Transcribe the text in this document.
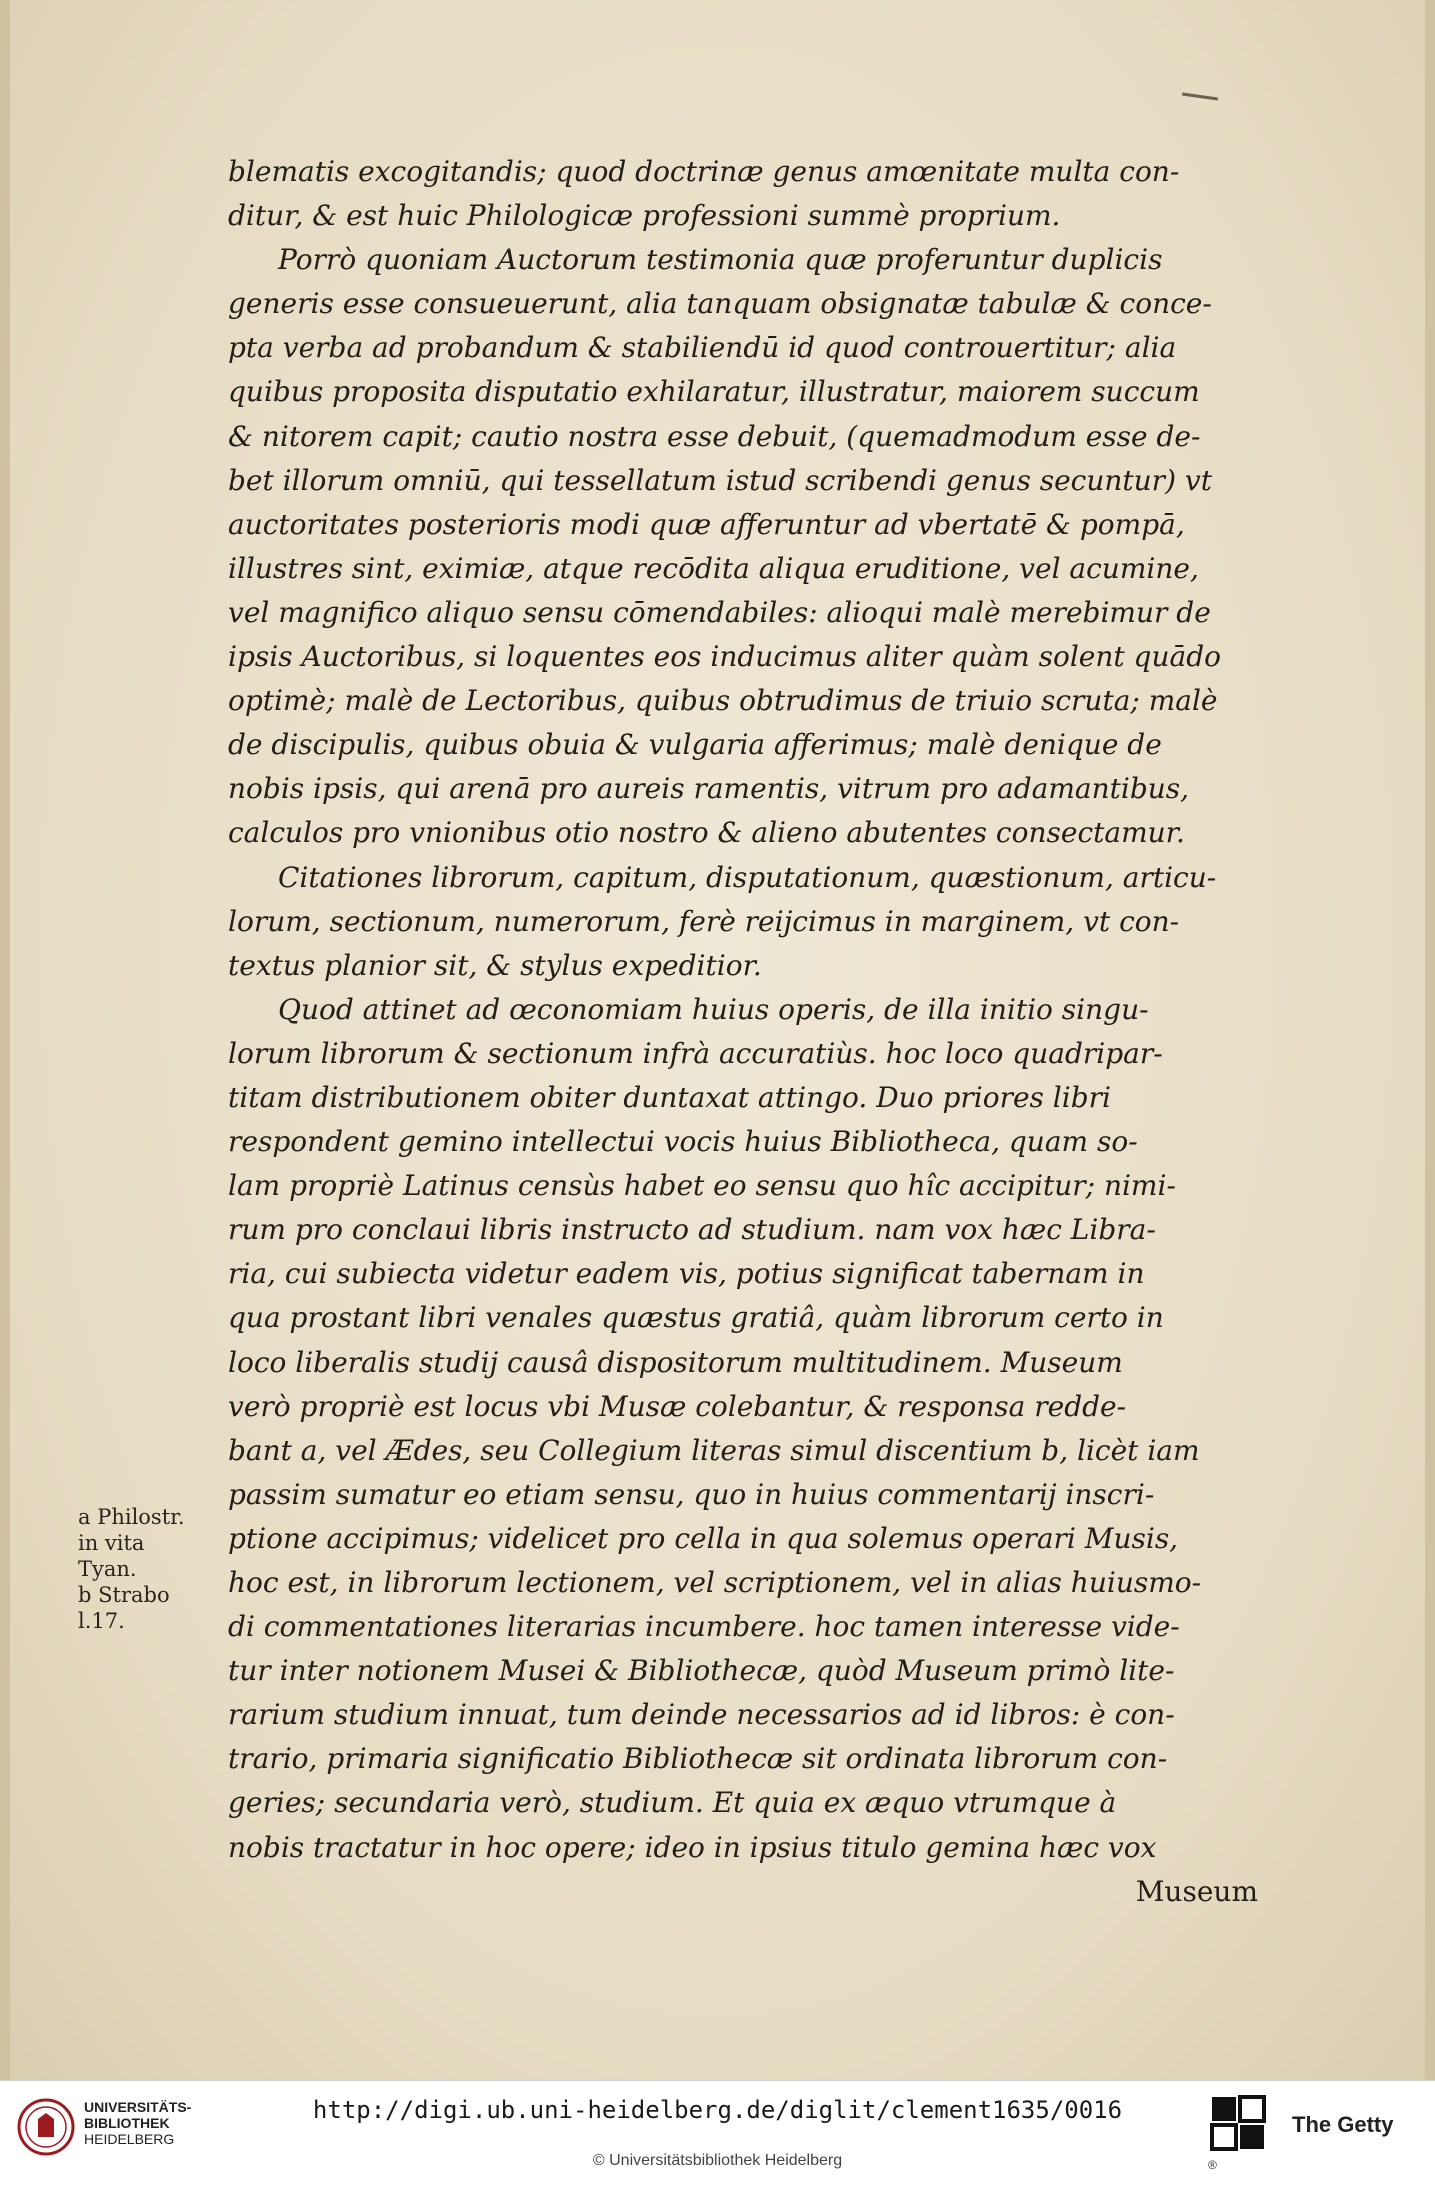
blematis excogitandis; quod doctrinæ genus amœnitate multa con-
ditur, & est huic Philologicæ professioni summè proprium.
Porrò quoniam Auctorum testimonia quæ proferuntur duplicis
generis esse consueuerunt, alia tanquam obsignatæ tabulæ & conce-
pta verba ad probandum & stabiliendū id quod controuertitur; alia
quibus proposita disputatio exhilaratur, illustratur, maiorem succum
& nitorem capit; cautio nostra esse debuit, (quemadmodum esse de-
bet illorum omniū, qui tessellatum istud scribendi genus secuntur) vt
auctoritates posterioris modi quæ afferuntur ad vbertatē & pompā,
illustres sint, eximiæ, atque recōdita aliqua eruditione, vel acumine,
vel magnifico aliquo sensu cōmendabiles: alioqui malè merebimur de
ipsis Auctoribus, si loquentes eos inducimus aliter quàm solent quādo
optimè; malè de Lectoribus, quibus obtrudimus de triuio scruta; malè
de discipulis, quibus obuia & vulgaria afferimus; malè denique de
nobis ipsis, qui arenā pro aureis ramentis, vitrum pro adamantibus,
calculos pro vnionibus otio nostro & alieno abutentes consectamur.
Citationes librorum, capitum, disputationum, quæstionum, articu-
lorum, sectionum, numerorum, ferè reijcimus in marginem, vt con-
textus planior sit, & stylus expeditior.
Quod attinet ad œconomiam huius operis, de illa initio singu-
lorum librorum & sectionum infrà accuratiùs. hoc loco quadripar-
titam distributionem obiter duntaxat attingo. Duo priores libri
respondent gemino intellectui vocis huius Bibliotheca, quam so-
lam propriè Latinus censùs habet eo sensu quo hîc accipitur; nimi-
rum pro conclaui libris instructo ad studium. nam vox hæc Libra-
ria, cui subiecta videtur eadem vis, potius significat tabernam in
qua prostant libri venales quæstus gratiâ, quàm librorum certo in
loco liberalis studij causâ dispositorum multitudinem. Museum
verò propriè est locus vbi Musæ colebantur, & responsa redde-
bant a, vel Ædes, seu Collegium literas simul discentium b, licèt iam
passim sumatur eo etiam sensu, quo in huius commentarij inscri-
ptione accipimus; videlicet pro cella in qua solemus operari Musis,
hoc est, in librorum lectionem, vel scriptionem, vel in alias huiusmo-
di commentationes literarias incumbere. hoc tamen interesse vide-
tur inter notionem Musei & Bibliothecæ, quòd Museum primò lite-
rarium studium innuat, tum deinde necessarios ad id libros: è con-
trario, primaria significatio Bibliothecæ sit ordinata librorum con-
geries; secundaria verò, studium. Et quia ex æquo vtrumque à
nobis tractatur in hoc opere; ideo in ipsius titulo gemina hæc vox
Museum
a Philostr.
in vita
Tyan.
b Strabo
l.17.
UNIVERSITÄTS-
BIBLIOTHEK
HEIDELBERG
http://digi.ub.uni-heidelberg.de/diglit/clement1635/0016
© Universitätsbibliothek Heidelberg
The Getty
®
